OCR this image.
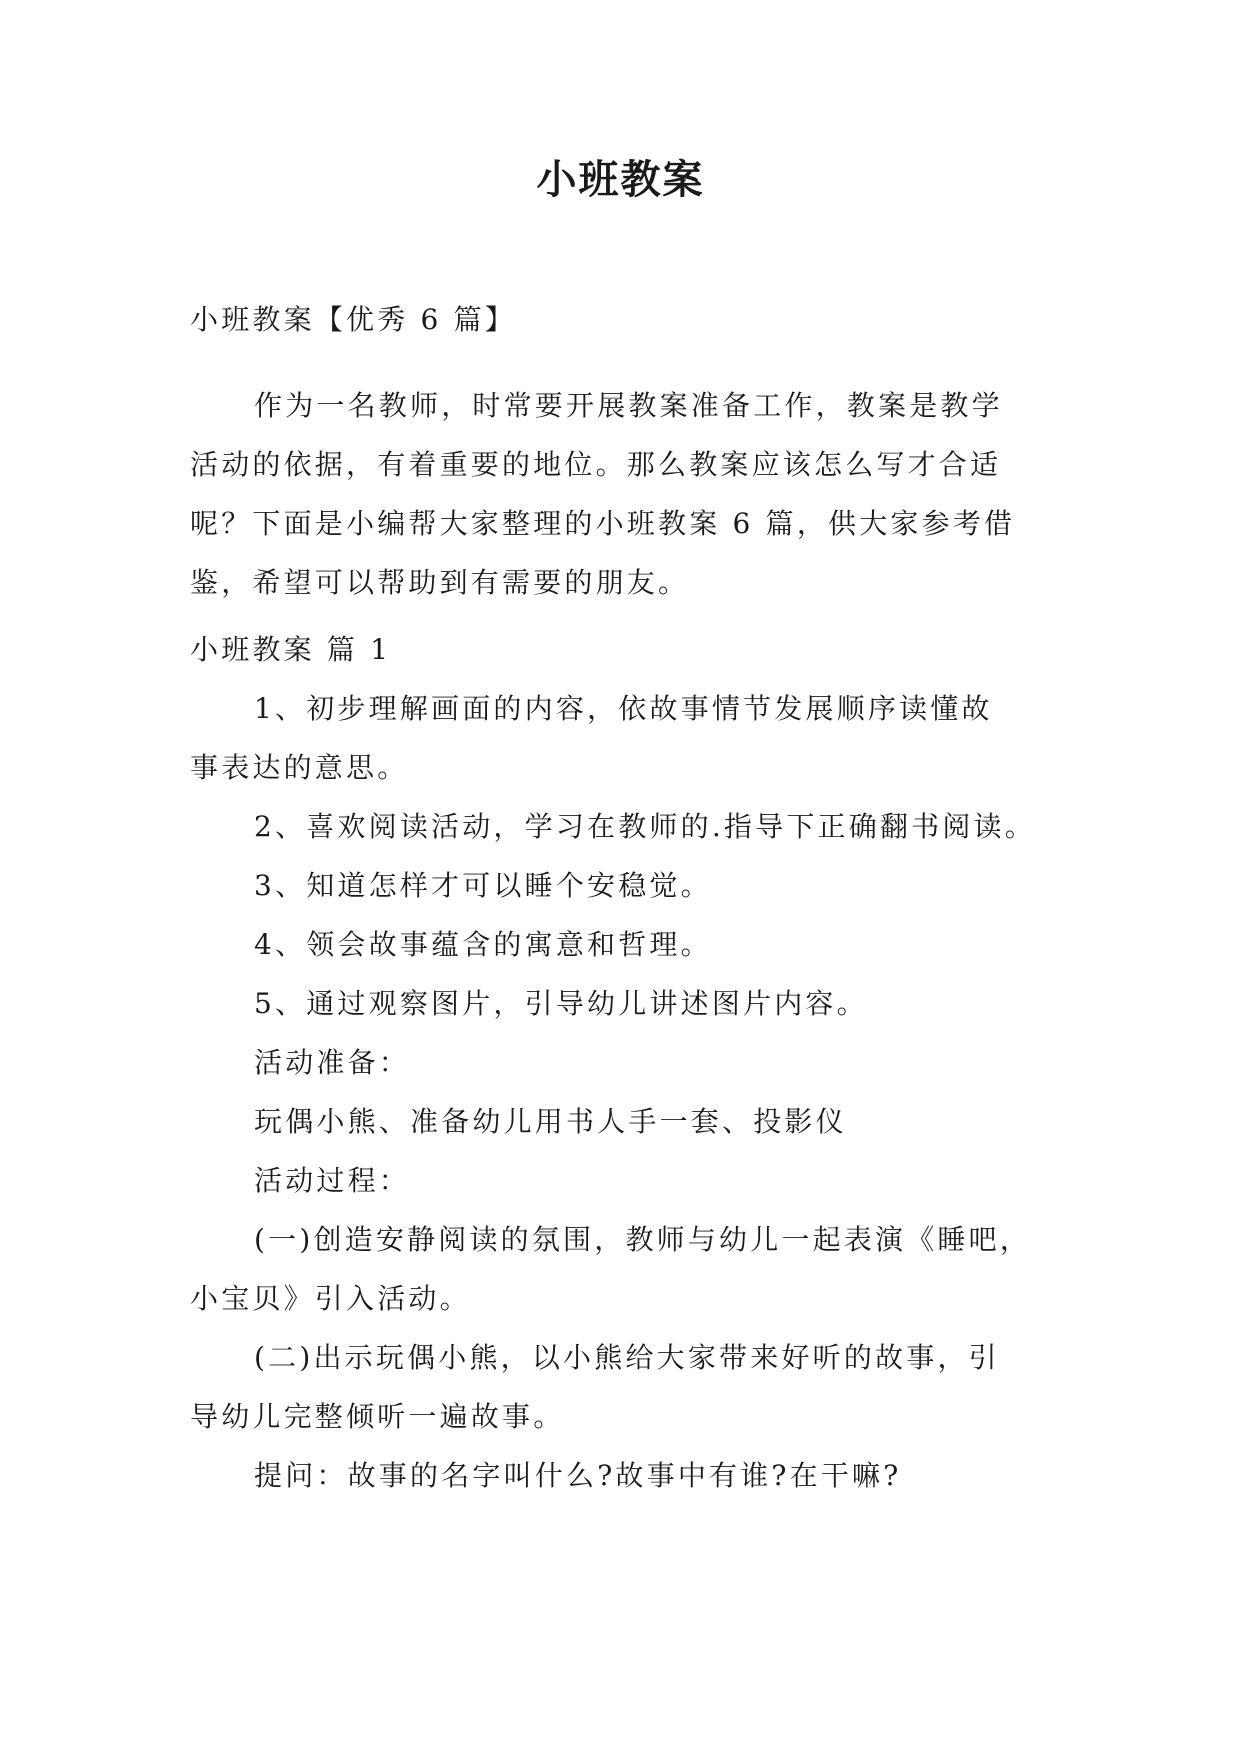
小班教案
小班教案【优秀 6 篇】
作为一名教师，时常要开展教案准备工作，教案是教学
活动的依据，有着重要的地位。那么教案应该怎么写才合适
呢？下面是小编帮大家整理的小班教案 6 篇，供大家参考借
鉴，希望可以帮助到有需要的朋友。
小班教案 篇 1
1、初步理解画面的内容，依故事情节发展顺序读懂故
事表达的意思。
2、喜欢阅读活动，学习在教师的.指导下正确翻书阅读。
3、知道怎样才可以睡个安稳觉。
4、领会故事蕴含的寓意和哲理。
5、通过观察图片，引导幼儿讲述图片内容。
活动准备：
玩偶小熊、准备幼儿用书人手一套、投影仪
活动过程：
(一)创造安静阅读的氛围，教师与幼儿一起表演《睡吧，
小宝贝》引入活动。
(二)出示玩偶小熊，以小熊给大家带来好听的故事，引
导幼儿完整倾听一遍故事。
提问：故事的名字叫什么?故事中有谁?在干嘛?
